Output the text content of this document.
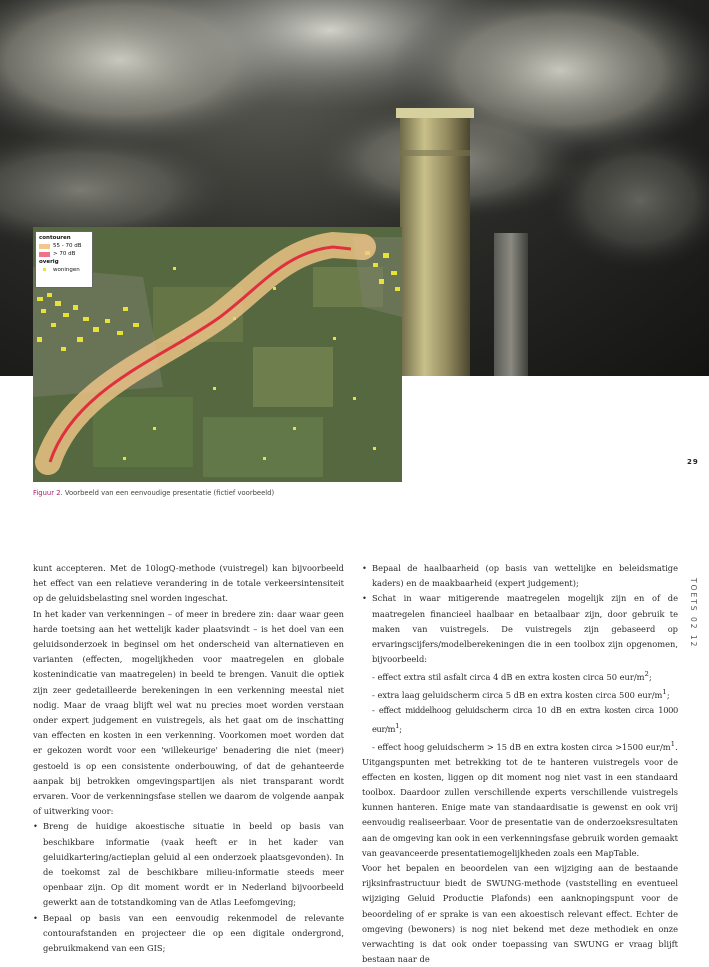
contouren
55 - 70 dB
> 70 dB
overig
woningen
Figuur 2. Voorbeeld van een eenvoudige presentatie (fictief voorbeeld)
29
TOETS 02 12

kunt accepteren. Met de 10logQ-methode (vuistregel) kan bijvoorbeeld het effect van een relatieve verandering in de totale verkeersintensiteit op de geluidsbelasting snel worden ingeschat.

In het kader van verkenningen – of meer in bredere zin: daar waar geen harde toetsing aan het wettelijk kader plaatsvindt – is het doel van een geluidsonderzoek in beginsel om het onderscheid van alternatieven en varianten (effecten, mogelijkheden voor maatregelen en globale kostenindicatie van maatregelen) in beeld te brengen. Vanuit die optiek zijn zeer gedetailleerde berekeningen in een verkenning meestal niet nodig. Maar de vraag blijft wel wat nu precies moet worden verstaan onder expert judgement en vuistregels, als het gaat om de inschatting van effecten en kosten in een verkenning. Voorkomen moet worden dat er gekozen wordt voor een 'willekeurige' benadering die niet (meer) gestoeld is op een consistente onderbouwing, of dat de gehanteerde aanpak bij betrokken omgevingspartijen als niet transparant wordt ervaren. Voor de verkenningsfase stellen we daarom de volgende aanpak of uitwerking voor:

• Breng de huidige akoestische situatie in beeld op basis van beschikbare informatie (vaak heeft er in het kader van geluidkartering/actieplan geluid al een onderzoek plaatsgevonden). In de toekomst zal de beschikbare milieu-informatie steeds meer openbaar zijn. Op dit moment wordt er in Nederland bijvoorbeeld gewerkt aan de totstandkoming van de Atlas Leefomgeving;
• Bepaal op basis van een eenvoudig rekenmodel de relevante contourafstanden en projecteer die op een digitale ondergrond, gebruikmakend van een GIS;
• Bepaal de haalbaarheid (op basis van wettelijke en beleidsmatige kaders) en de maakbaarheid (expert judgement);
• Schat in waar mitigerende maatregelen mogelijk zijn en of de maatregelen financieel haalbaar en betaalbaar zijn, door gebruik te maken van vuistregels. De vuistregels zijn gebaseerd op ervaringscijfers/modelberekeningen die in een toolbox zijn opgenomen, bijvoorbeeld:
- effect extra stil asfalt circa 4 dB en extra kosten circa 50 eur/$m^2$;
- extra laag geluidscherm circa 5 dB en extra kosten circa 500 eur/$m^1$;
- effect middelhoog geluidscherm circa 10 dB en extra kosten circa 1000 eur/$m^1$;
- effect hoog geluidscherm > 15 dB en extra kosten circa >1500 eur/$m^1$.

Uitgangspunten met betrekking tot de te hanteren vuistregels voor de effecten en kosten, liggen op dit moment nog niet vast in een standaard toolbox. Daardoor zullen verschillende experts verschillende vuistregels kunnen hanteren. Enige mate van standaardisatie is gewenst en ook vrij eenvoudig realiseerbaar. Voor de presentatie van de onderzoeksresultaten aan de omgeving kan ook in een verkenningsfase gebruik worden gemaakt van geavanceerde presentatiemogelijkheden zoals een MapTable.

Voor het bepalen en beoordelen van een wijziging aan de bestaande rijksinfrastructuur biedt de SWUNG-methode (vaststelling en eventueel wijziging Geluid Productie Plafonds) een aanknopingspunt voor de beoordeling of er sprake is van een akoestisch relevant effect. Echter de omgeving (bewoners) is nog niet bekend met deze methodiek en onze verwachting is dat ook onder toepassing van SWUNG er vraag blijft bestaan naar de
